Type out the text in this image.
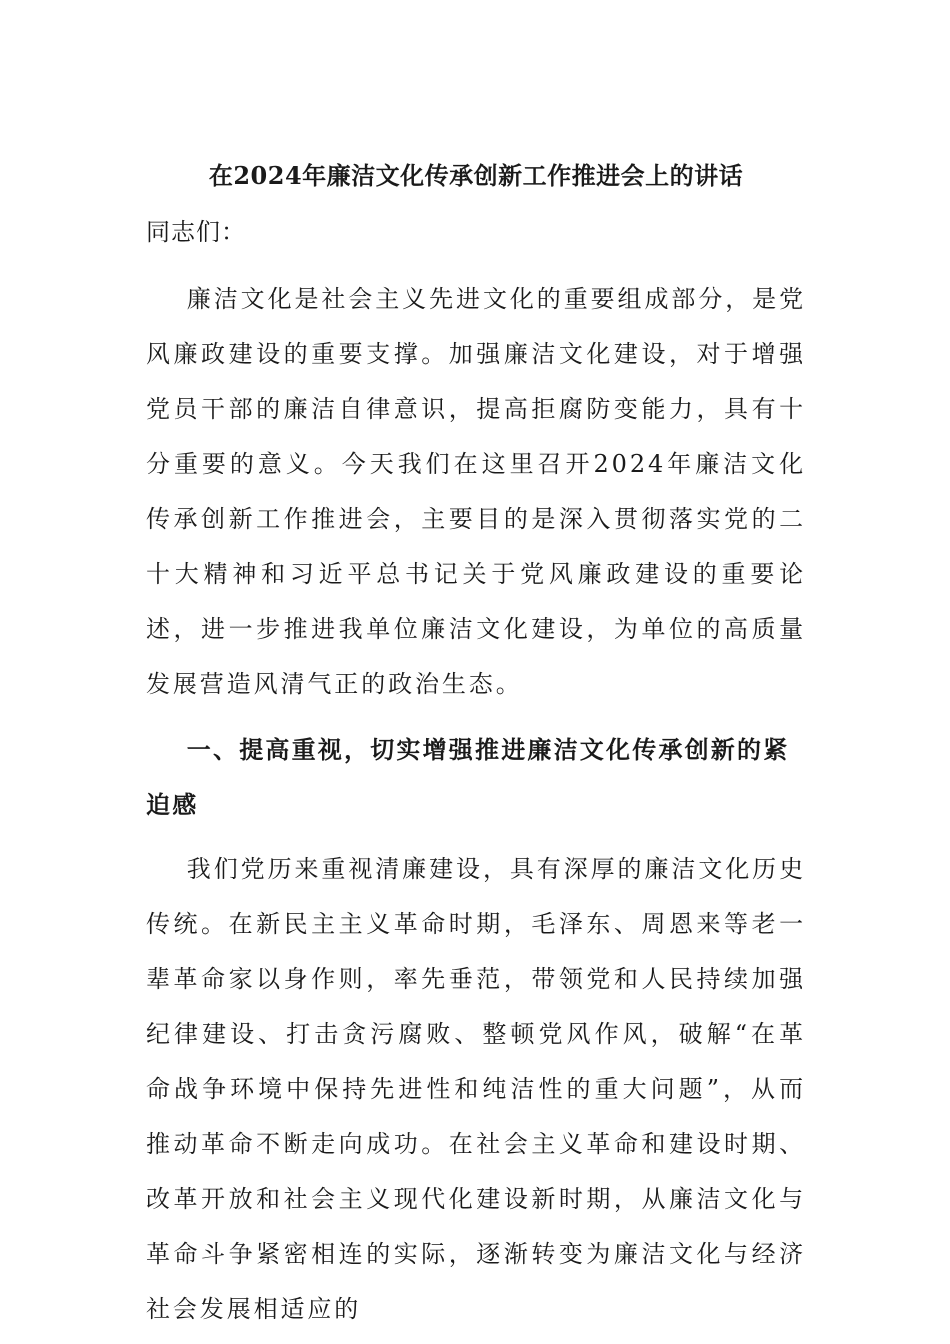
在2024年廉洁文化传承创新工作推进会上的讲话

同志们：

廉洁文化是社会主义先进文化的重要组成部分，是党风廉政建设的重要支撑。加强廉洁文化建设，对于增强党员干部的廉洁自律意识，提高拒腐防变能力，具有十分重要的意义。今天我们在这里召开2024年廉洁文化传承创新工作推进会，主要目的是深入贯彻落实党的二十大精神和习近平总书记关于党风廉政建设的重要论述，进一步推进我单位廉洁文化建设，为单位的高质量发展营造风清气正的政治生态。

一、提高重视，切实增强推进廉洁文化传承创新的紧迫感

我们党历来重视清廉建设，具有深厚的廉洁文化历史传统。在新民主主义革命时期，毛泽东、周恩来等老一辈革命家以身作则，率先垂范，带领党和人民持续加强纪律建设、打击贪污腐败、整顿党风作风，破解“在革命战争环境中保持先进性和纯洁性的重大问题”，从而推动革命不断走向成功。在社会主义革命和建设时期、改革开放和社会主义现代化建设新时期，从廉洁文化与革命斗争紧密相连的实际，逐渐转变为廉洁文化与经济社会发展相适应的
